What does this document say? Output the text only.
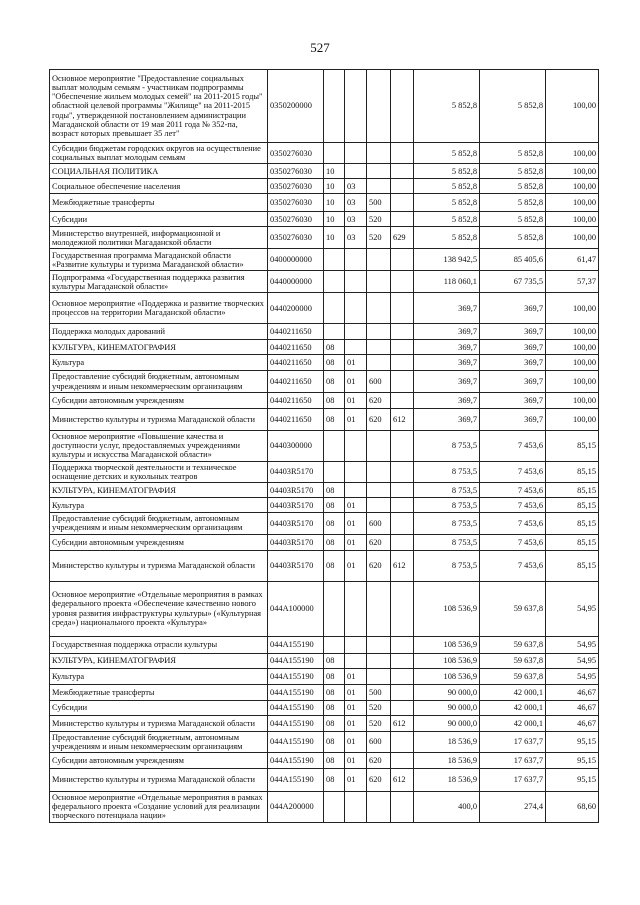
527
Основное мероприятие "Предоставление социальных выплат молодым семьям - участникам подпрограммы "Обеспечение жильем молодых семей" на 2011-2015 годы" областной целевой программы "Жилище" на 2011-2015 годы", утвержденной постановлением администрации Магаданской области от 19 мая 2011 года № 352-па, возраст которых превышает 35 лет"	0350200000					5 852,8	5 852,8	100,00
Субсидии бюджетам городских округов на осуществление социальных выплат молодым семьям	0350276030					5 852,8	5 852,8	100,00
СОЦИАЛЬНАЯ ПОЛИТИКА	0350276030	10				5 852,8	5 852,8	100,00
Социальное обеспечение населения	0350276030	10	03			5 852,8	5 852,8	100,00
Межбюджетные трансферты	0350276030	10	03	500		5 852,8	5 852,8	100,00
Субсидии	0350276030	10	03	520		5 852,8	5 852,8	100,00
Министерство внутренней, информационной и молодежной политики Магаданской области	0350276030	10	03	520	629	5 852,8	5 852,8	100,00
Государственная программа Магаданской области «Развитие культуры и туризма Магаданской области»	0400000000					138 942,5	85 405,6	61,47
Подпрограмма «Государственная поддержка развития культуры Магаданской области»	0440000000					118 060,1	67 735,5	57,37
Основное мероприятие «Поддержка и развитие творческих процессов на территории Магаданской области»	0440200000					369,7	369,7	100,00
Поддержка молодых дарований	0440211650					369,7	369,7	100,00
КУЛЬТУРА, КИНЕМАТОГРАФИЯ	0440211650	08				369,7	369,7	100,00
Культура	0440211650	08	01			369,7	369,7	100,00
Предоставление субсидий бюджетным, автономным учреждениям и иным некоммерческим организациям	0440211650	08	01	600		369,7	369,7	100,00
Субсидии автономным учреждениям	0440211650	08	01	620		369,7	369,7	100,00
Министерство культуры и туризма Магаданской области	0440211650	08	01	620	612	369,7	369,7	100,00
Основное мероприятие «Повышение качества и доступности услуг, предоставляемых учреждениями культуры и искусства Магаданской области»	0440300000					8 753,5	7 453,6	85,15
Поддержка творческой деятельности и техническое оснащение детских и кукольных театров	04403R5170					8 753,5	7 453,6	85,15
КУЛЬТУРА, КИНЕМАТОГРАФИЯ	04403R5170	08				8 753,5	7 453,6	85,15
Культура	04403R5170	08	01			8 753,5	7 453,6	85,15
Предоставление субсидий бюджетным, автономным учреждениям и иным некоммерческим организациям	04403R5170	08	01	600		8 753,5	7 453,6	85,15
Субсидии автономным учреждениям	04403R5170	08	01	620		8 753,5	7 453,6	85,15
Министерство культуры и туризма Магаданской области	04403R5170	08	01	620	612	8 753,5	7 453,6	85,15
Основное мероприятие «Отдельные мероприятия в рамках федерального проекта «Обеспечение качественно нового уровня развития инфраструктуры культуры» («Культурная среда») национального проекта «Культура»	044A100000					108 536,9	59 637,8	54,95
Государственная поддержка отрасли культуры	044A155190					108 536,9	59 637,8	54,95
КУЛЬТУРА, КИНЕМАТОГРАФИЯ	044A155190	08				108 536,9	59 637,8	54,95
Культура	044A155190	08	01			108 536,9	59 637,8	54,95
Межбюджетные трансферты	044A155190	08	01	500		90 000,0	42 000,1	46,67
Субсидии	044A155190	08	01	520		90 000,0	42 000,1	46,67
Министерство культуры и туризма Магаданской области	044A155190	08	01	520	612	90 000,0	42 000,1	46,67
Предоставление субсидий бюджетным, автономным учреждениям и иным некоммерческим организациям	044A155190	08	01	600		18 536,9	17 637,7	95,15
Субсидии автономным учреждениям	044A155190	08	01	620		18 536,9	17 637,7	95,15
Министерство культуры и туризма Магаданской области	044A155190	08	01	620	612	18 536,9	17 637,7	95,15
Основное мероприятие «Отдельные мероприятия в рамках федерального проекта «Создание условий для реализации творческого потенциала нации»	044A200000					400,0	274,4	68,60
